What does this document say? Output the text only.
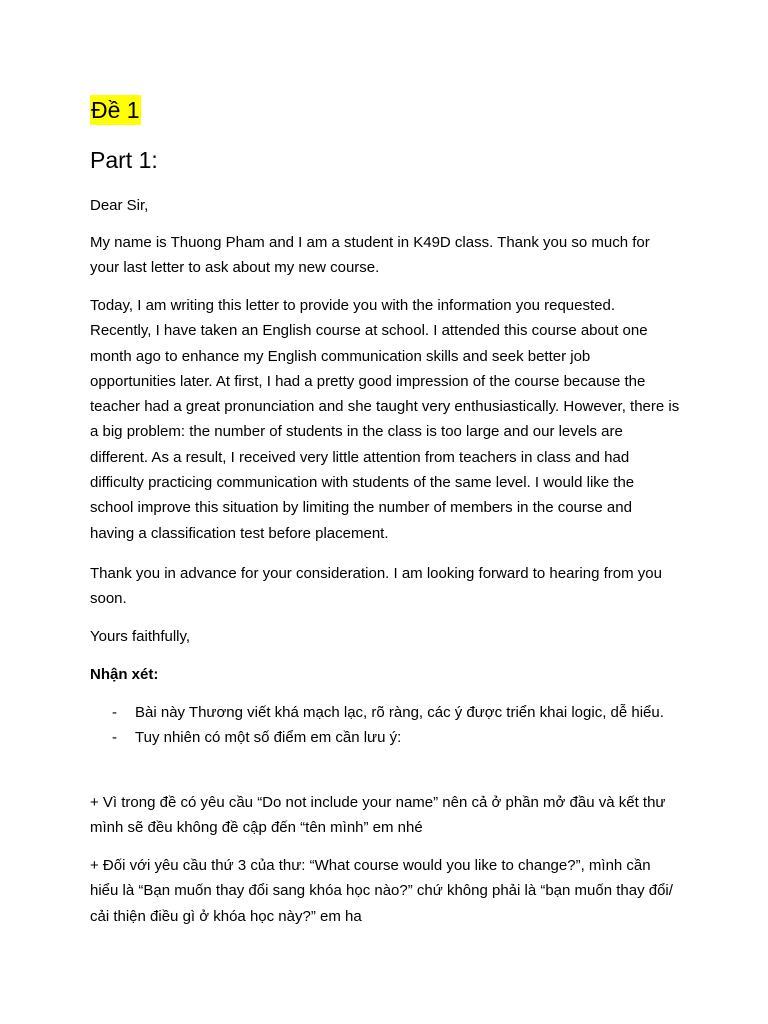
Đề 1
Part 1:

Dear Sir,

My name is Thuong Pham and I am a student in K49D class. Thank you so much for your last letter to ask about my new course.

Today, I am writing this letter to provide you with the information you requested. Recently, I have taken an English course at school. I attended this course about one month ago to enhance my English communication skills and seek better job opportunities later. At first, I had a pretty good impression of the course because the teacher had a great pronunciation and she taught very enthusiastically. However, there is a big problem: the number of students in the class is too large and our levels are different. As a result, I received very little attention from teachers in class and had difficulty practicing communication with students of the same level. I would like the school improve this situation by limiting the number of members in the course and having a classification test before placement.

Thank you in advance for your consideration. I am looking forward to hearing from you soon.

Yours faithfully,

Nhận xét:

- Bài này Thương viết khá mạch lạc, rõ ràng, các ý được triển khai logic, dễ hiểu.
- Tuy nhiên có một số điểm em cần lưu ý:

+ Vì trong đề có yêu cầu “Do not include your name” nên cả ở phần mở đầu và kết thư mình sẽ đều không đề cập đến “tên mình” em nhé

+ Đối với yêu cầu thứ 3 của thư: “What course would you like to change?”, mình cần hiểu là “Bạn muốn thay đổi sang khóa học nào?” chứ không phải là “bạn muốn thay đổi/ cải thiện điều gì ở khóa học này?” em ha
